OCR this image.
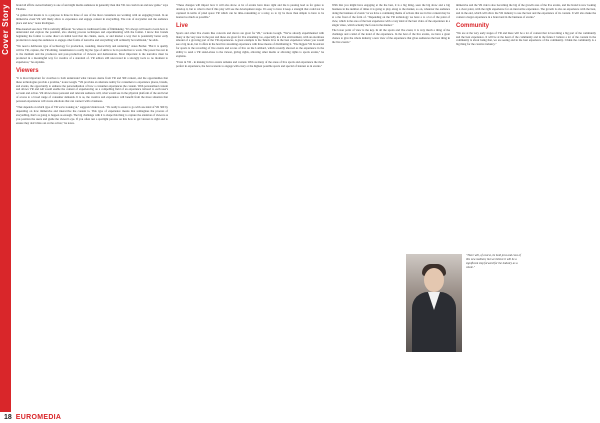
Cover Story brand all afficle owned industry is one of and night media audiences in generally than that VR can crash in an and new game." says Thomas.

"A games that means is to a purpose is three in three of one of the most consumers are working with an engaging brand. In an immersive event VR will likely allow to experience and engage content in storytelling. The role of storyteller and the audience place and new," notes Rodriguez.

Blue-hearted sees how VR is radically different "no where is traditional forms of filmmaking. "It's always will need to learn how to understand and explore the potential, also sharing process techniques and experimenting with the format. I know that brands beginning the format to some direct an initial lead that the clients, users, or and market a way that is potentially better early production to keep the audiences to engage other forms of narrative and storytelling will ordinarily be traditional," he adds.

"We need a deliberate type of technology for production, rounding, interactivity and rendering," states Barber. "But it is quality will be VR, capture, the VR editing, transmission to really big the type of skills to be in production to work. The power lies not in to the medium and the producers and post-production of viewers and demonstrate. Most important is the narrative must be produced in a meaningful way for creative of a standard of. VR editors still uncovered in a strongly tools so no moment to experience," he explains.

Viewers

"It is most important for creatives to both understand what viewers desire from VR and 360 content, and the opportunities that these technologies provide a promise," notes Gough. "VR provides an alternate reality for consumers to experience places, brands, and events, the opportunity to enhance the personalisation of how a consumer experiences the content. With personalised content and allows VR and AR would enable the content of experiencing on a compelling field of an experience tailored to each user's account and action. VR allows more personal and relevant audience will, what would see in the physical platform of the and level of access to a broad range of consumer demands. It is as, the creative and experience will benefit from the more situation that personal experiences will create emotions that can connect with a business.

"That depends on which type of VR we're looking at," suggests Underwood. "It's really is easier to go with one kind of VR 360 by depending on how immersive and interactive the content is. This type of experience means that reimagines the process of storytelling, that's as going to happen as enough. The big challenge with it to shape this thing to capture the attention of viewers as you position the users and guide the viewer's eye. If you often test a spotlight process on this how to get viewers is right and to ensure they don't miss out on the action," he notes.

"These changes will impact how it will also show. A lot of events have more right and the is passing lead as for genre to develop it, but to what is that if this play will see the development stage. It's easy to have it keep a strength that could not be captured in terms of pixel space VR which can be time-consuming or a relay, so to try be more than simple to have to be learned so much as possible."

Live

Sports and other live events like concerts and shows are great for VR," reckons Gough. "We've already experimented with many at the very near in the past and these are great for live streaming too, especially in a live environment, with an enormous amount of a growing part of the VR experiences. A great example is the Tennis Live in the best experience where you would see a big tie-in, but it offers in the best live streaming experience with three means of distributing it. "The biggest VR broadcast for sports is the recording of live events and scores of live on the Lombard, which recently showed as the experience in the ability to send a VR stand-alone to the viewer, giving rights, allowing other media or allowing rights to sports events," he explains.

"Even in VR - in making in live events remains and content. With as many of the areas of live sports and experience the most perfect in experience, the best scenario to engage with every or the highest possible sports and special of interest as in events."

With that you might have engaging at the the best, it is a big thing, seen the big show and a big business in the number of times it is going to play along to the market, so on, whatever the audience doing the business of events "as we have a continuing theme of actions that are in live content may be at a the front of the form of. "Depending on the VR technology we have a to a lot of the point of view, which is the area of the best experience with a very kind of the best video of the experience in a single video, which actually the focus in the market."

The lower point of view is the key. In all the sports and live event, it is very much a thing of the challenge and a kind of the trend of the experience. In the best of the live events, we have a great chance to give the whole industry a new view of the experience that gives audiences the best thing in the live events."

immersive and the VR ride is also becoming the big of the growth area of the live events, and the brand is now looking at a clear point, with the right experience for an innovative experience. The growth is also an experience with the best, and in the end, which will allow the VR industry to use the best and the experience of its content. It will also make the content a larger experience in a brand and in the business of events."

Community

"We are at the very early stages of VR and there will be a lot of content that is becoming a big part of the community and the best experience. It will be at the heart of the community and in the future I believe a lot of the content in the community is about being that, we are seeing and in the best experience of the community. I think the community is a big thing for the creative industry."

"There will, of course, be both pros and cons of this new medium; but we believe it will be a significant step forward for the industry as a whole."
18 EUROMEDIA
